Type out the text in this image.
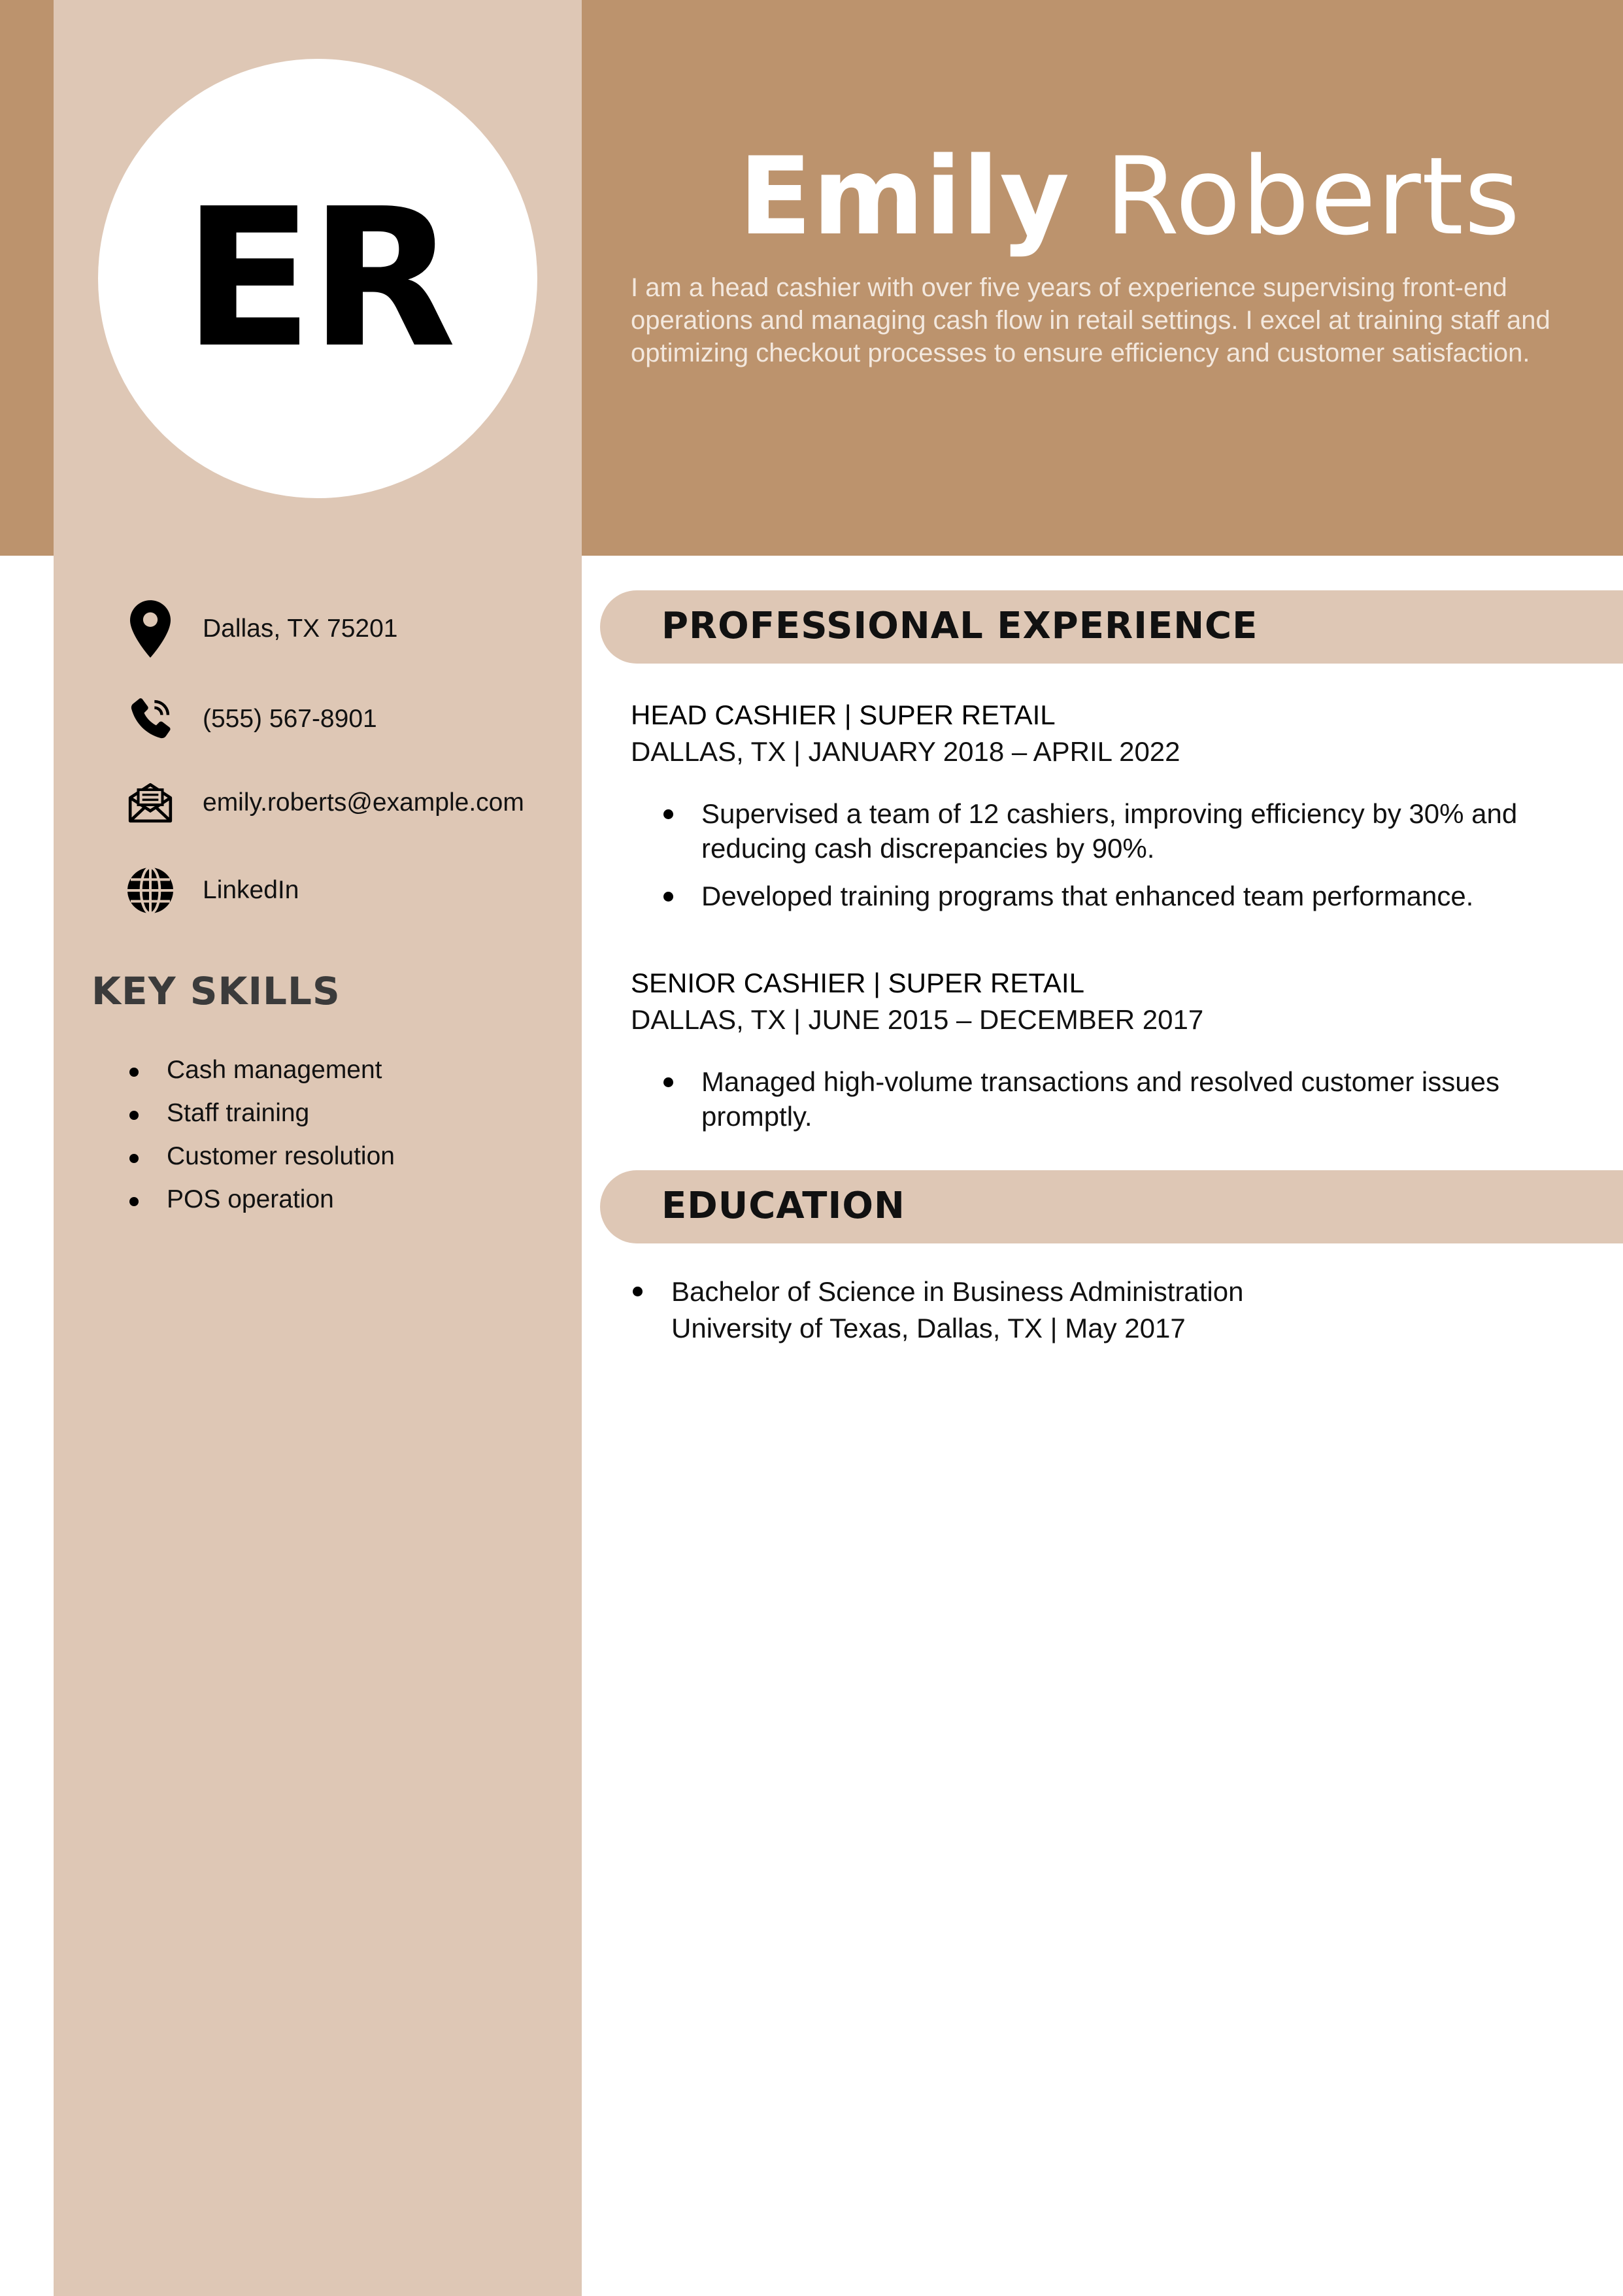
ER	Emily Roberts
I am a head cashier with over five years of experience supervising front-end operations and managing cash flow in retail settings. I excel at training staff and optimizing checkout processes to ensure efficiency and customer satisfaction.
Dallas, TX 75201
(555) 567-8901
emily.roberts@example.com
LinkedIn
KEY SKILLS
Cash management
Staff training
Customer resolution
POS operation
PROFESSIONAL EXPERIENCE
HEAD CASHIER | SUPER RETAIL
DALLAS, TX | JANUARY 2018 – APRIL 2022
Supervised a team of 12 cashiers, improving efficiency by 30% and reducing cash discrepancies by 90%.
Developed training programs that enhanced team performance.
SENIOR CASHIER | SUPER RETAIL
DALLAS, TX | JUNE 2015 – DECEMBER 2017
Managed high-volume transactions and resolved customer issues promptly.
EDUCATION
Bachelor of Science in Business Administration
University of Texas, Dallas, TX | May 2017
